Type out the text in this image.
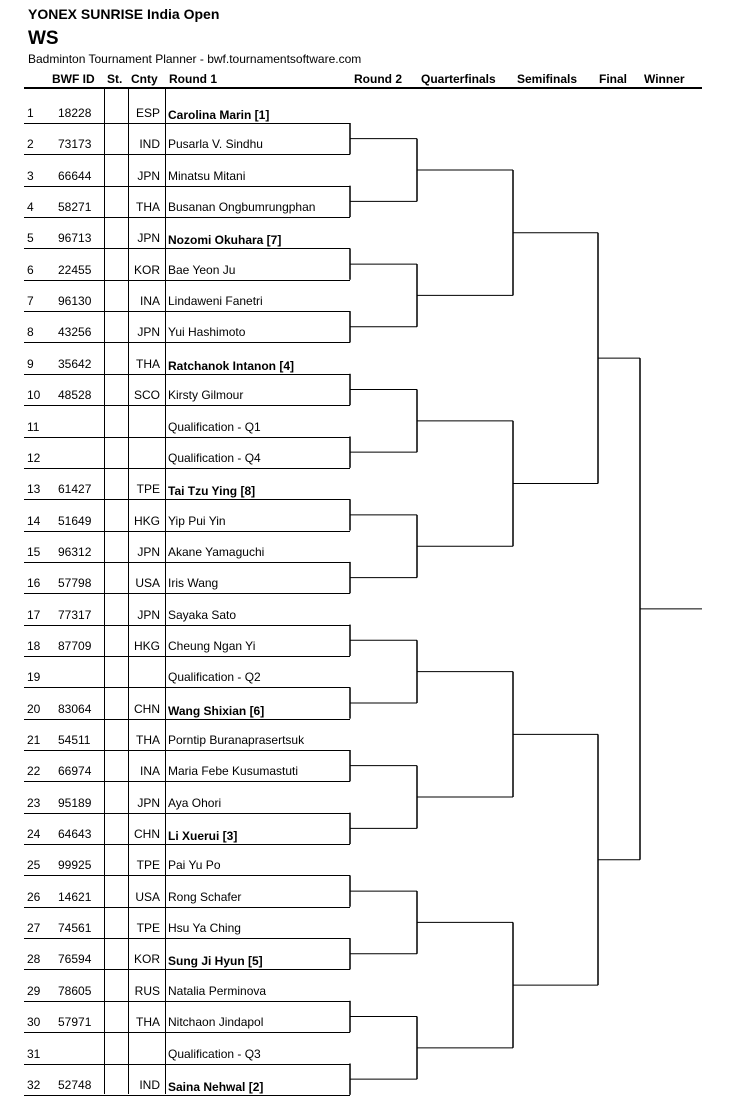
YONEX SUNRISE India Open
WS
Badminton Tournament Planner - bwf.tournamentsoftware.com
BWF ID St. Cnty Round 1	Round 2 Quarterfinals Semifinals Final Winner
1 18228	ESP Carolina Marin [1]
2 73173	IND Pusarla V. Sindhu
3 66644	JPN Minatsu Mitani
4 58271	THA Busanan Ongbumrungphan
5 96713	JPN Nozomi Okuhara [7]
6 22455	KOR Bae Yeon Ju
7 96130	INA Lindaweni Fanetri
8 43256	JPN Yui Hashimoto
9 35642	THA Ratchanok Intanon [4]
10 48528	SCO Kirsty Gilmour
11	Qualification - Q1
12	Qualification - Q4
13 61427	TPE Tai Tzu Ying [8]
14 51649	HKG Yip Pui Yin
15 96312	JPN Akane Yamaguchi
16 57798	USA Iris Wang
17 77317	JPN Sayaka Sato
18 87709	HKG Cheung Ngan Yi
19	Qualification - Q2
20 83064	CHN Wang Shixian [6]
21 54511	THA Porntip Buranaprasertsuk
22 66974	INA Maria Febe Kusumastuti
23 95189	JPN Aya Ohori
24 64643	CHN Li Xuerui [3]
25 99925	TPE Pai Yu Po
26 14621	USA Rong Schafer
27 74561	TPE Hsu Ya Ching
28 76594	KOR Sung Ji Hyun [5]
29 78605	RUS Natalia Perminova
30 57971	THA Nitchaon Jindapol
31	Qualification - Q3
32 52748	IND Saina Nehwal [2]
